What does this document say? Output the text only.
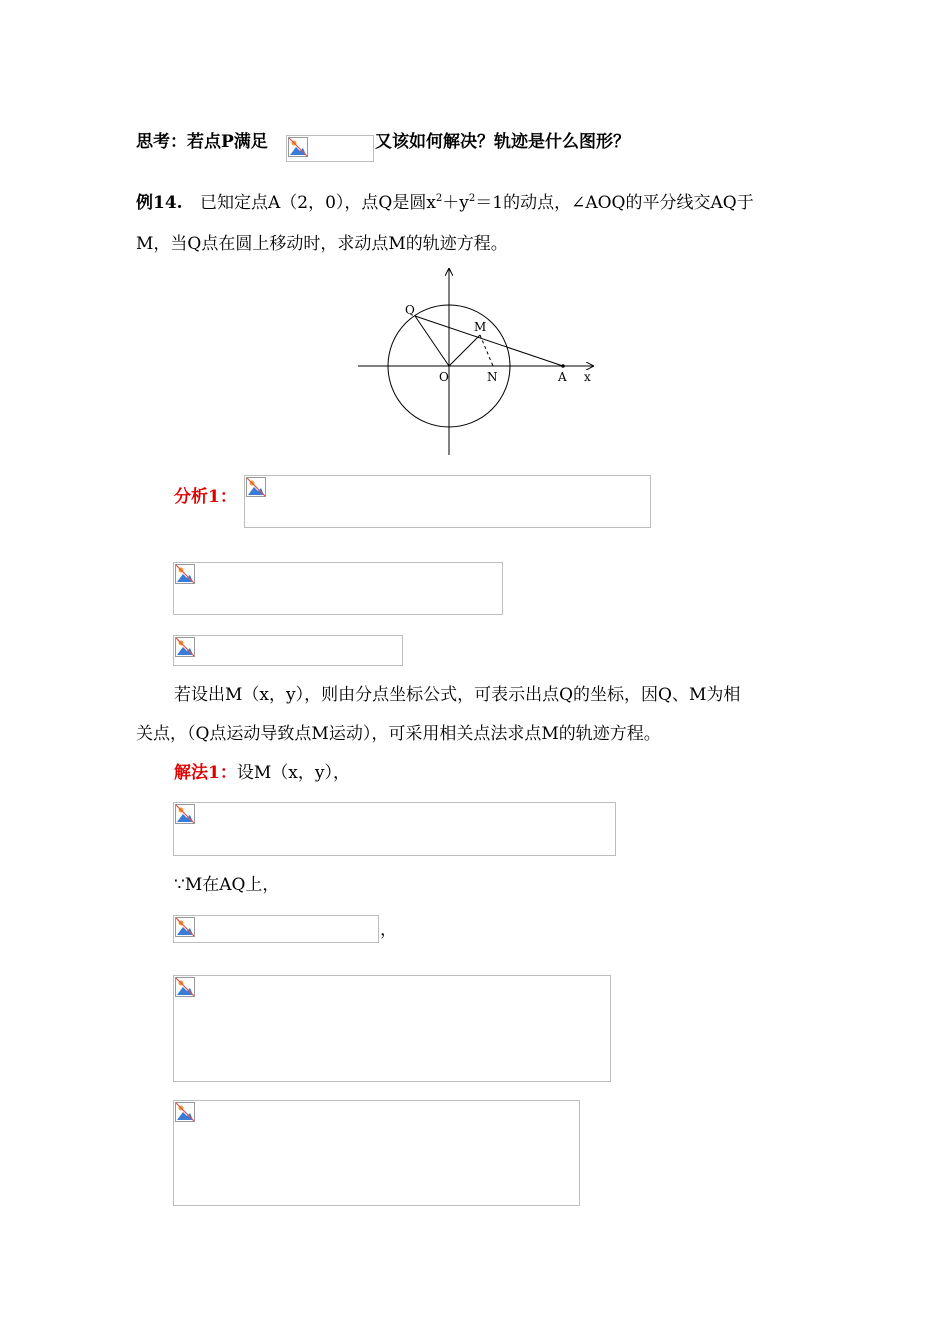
思考：若点P满足	又该如何解决？轨迹是什么图形？
例14. 已知定点A（2，0），点Q是圆$x^2+y^2=1$的动点，∠AOQ的平分线交AQ于
M，当Q点在圆上移动时，求动点M的轨迹方程。
Q
M
O	N	A x
分析1：
若设出M（x，y），则由分点坐标公式，可表示出点Q的坐标，因Q、M为相
关点，（Q点运动导致点M运动），可采用相关点法求点M的轨迹方程。
解法1：设M（x，y），
∵M在AQ上，
，
